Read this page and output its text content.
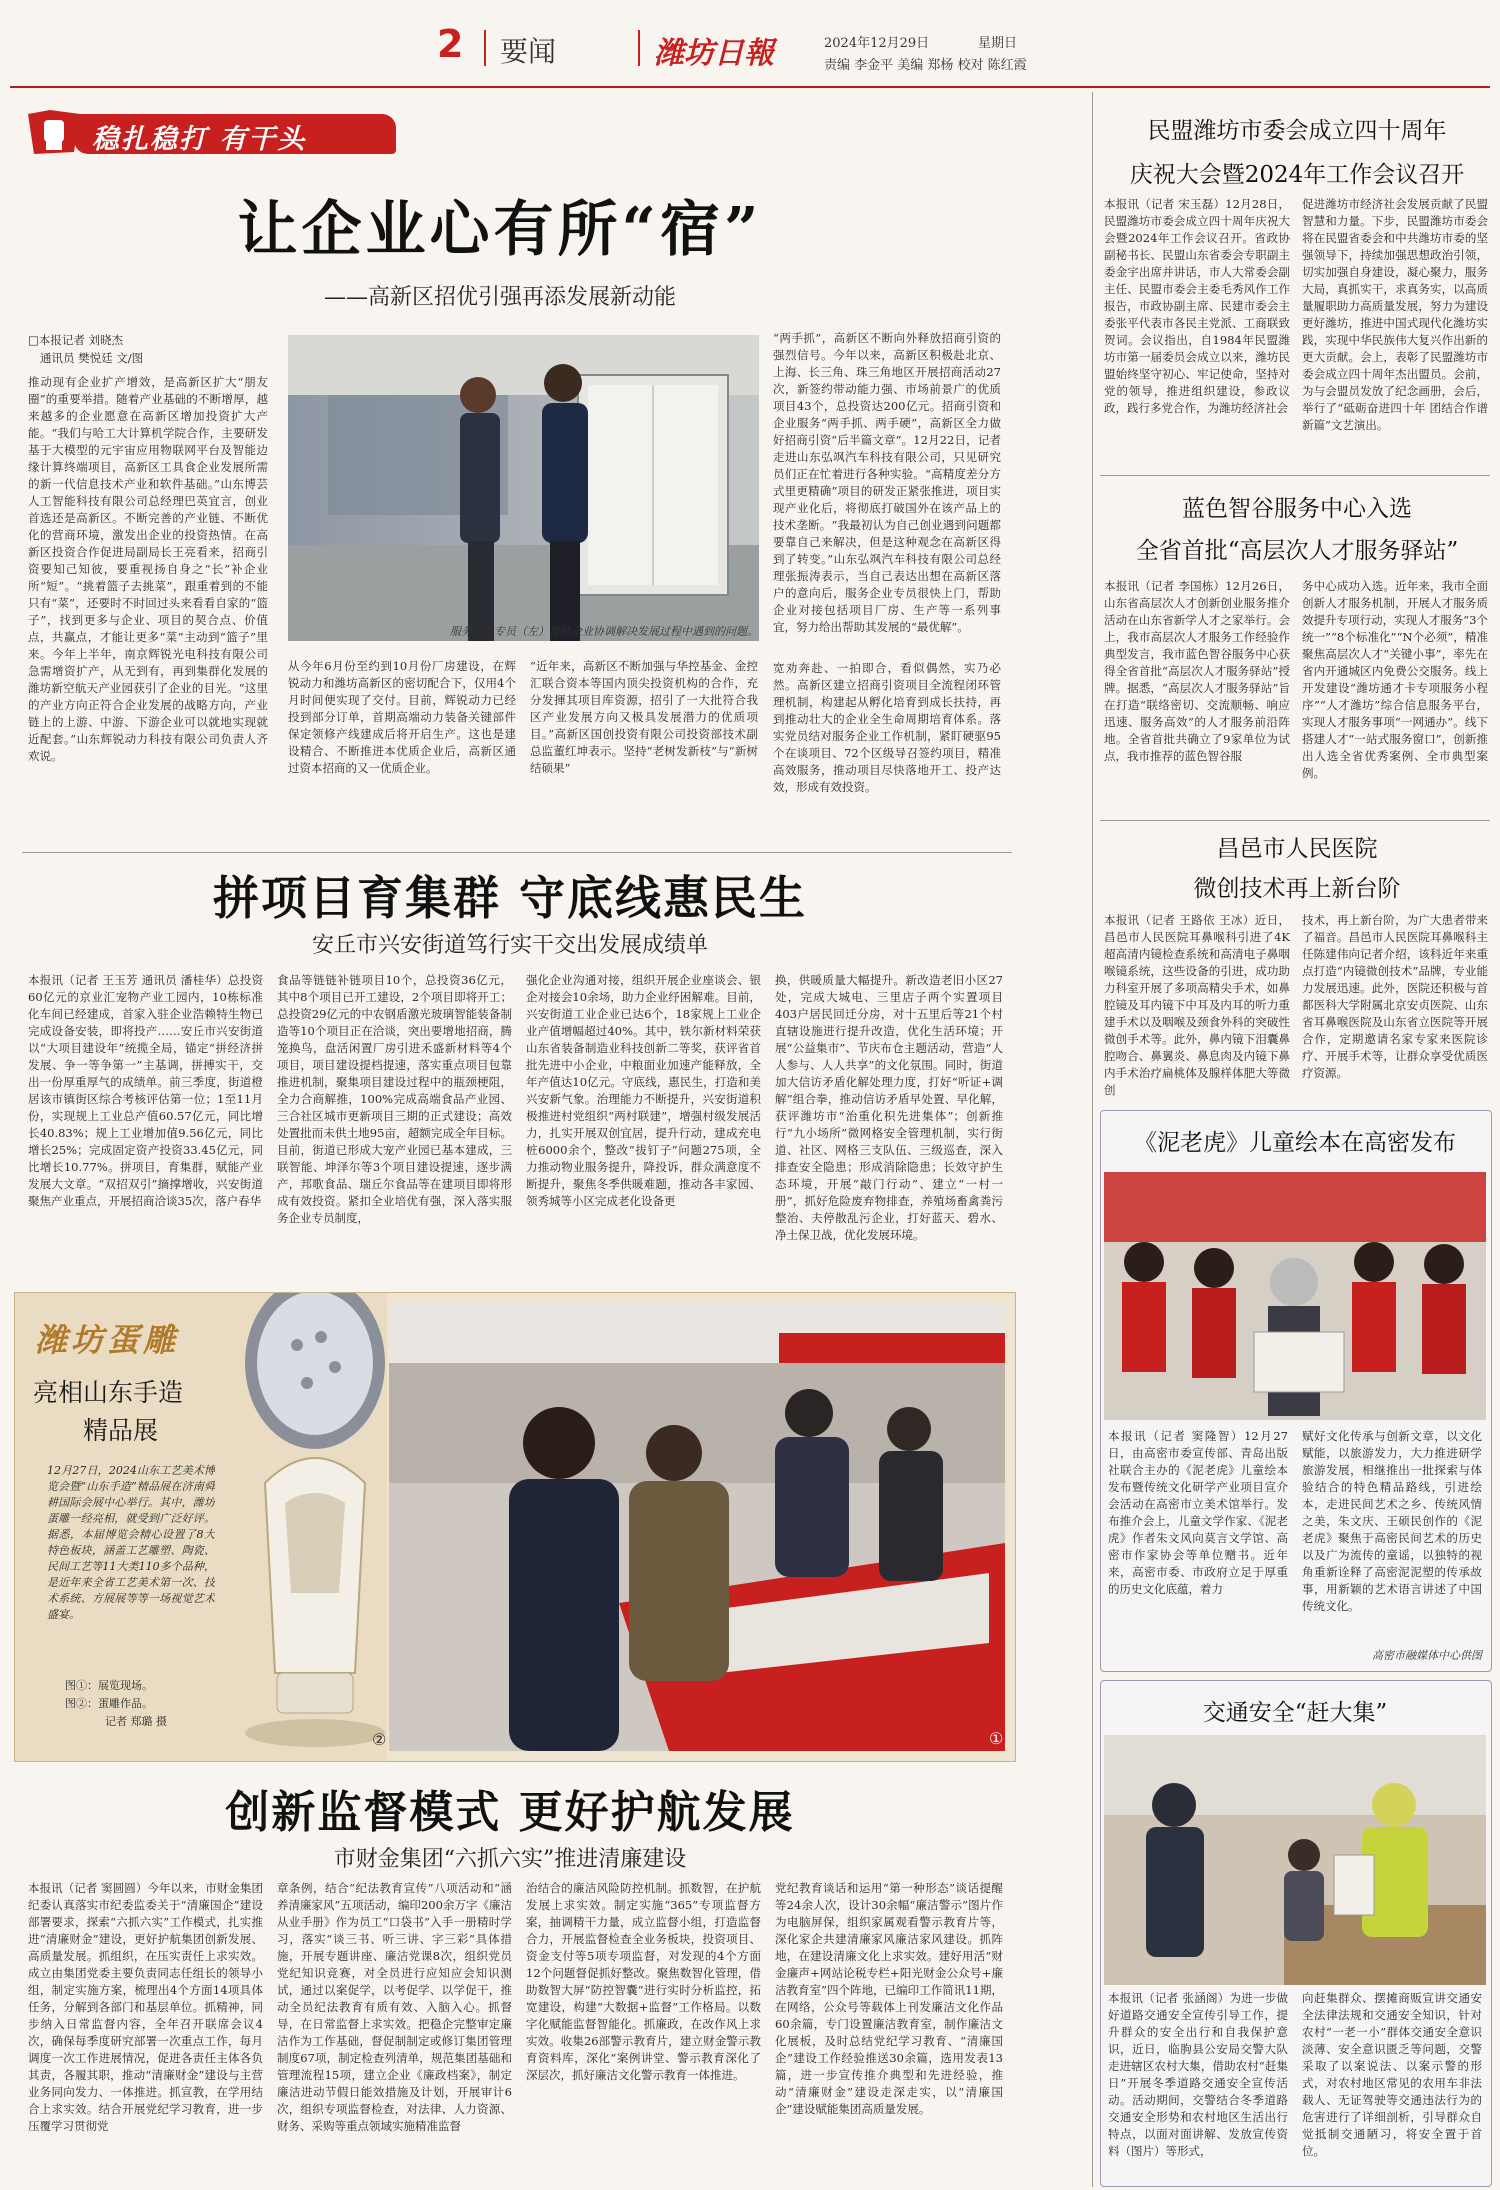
2 要闻	潍坊日報	2024年12月29日	星期日
责编 李金平 美编 郑杨 校对 陈红霞
稳扎稳打 有干头
让企业心有所“宿”
——高新区招优引强再添发展新动能
□本报记者 刘晓杰
通讯员 樊悦廷 文/图
推动现有企业扩产增效，是高新区扩大“朋友圈”的重要举措。随着产业基础的不断增厚，越来越多的企业愿意在高新区增加投资扩大产能。“我们与哈工大计算机学院合作，主要研发基于大模型的元宇宙应用物联网平台及智能边缘计算终端项目，高新区工具食企业发展所需的新一代信息技术产业和软件基础。”山东博芸人工智能科技有限公司总经理巴英宜言，创业首选还是高新区。不断完善的产业链、不断优化的营商环境，激发出企业的投资热情。在高新区投资合作促进局副局长王亮看来，招商引资要知己知彼，要重视扬自身之“长”补企业所“短”。“挑着篮子去挑菜”，跟重着到的不能只有“菜”，还要时不时回过头来看看自家的“篮子”，找到更多与企业、项目的契合点、价值点，共赢点，才能让更多“菜”主动到“篮子”里来。今年上半年，南京辉锐光电科技有限公司急需增资扩产，从无到有，再到集群化发展的潍坊新空航天产业园获引了企业的目光。“这里的产业方向正符合企业发展的战略方向，产业链上的上游、中游、下游企业可以就地实现就近配套。”山东辉锐动力科技有限公司负责人齐欢说。
服务企业专员（左）帮助企业协调解决发展过程中遇到的问题。
从今年6月份至约到10月份厂房建设，在辉锐动力和潍坊高新区的密切配合下，仅用4个月时间便实现了交付。目前，辉锐动力已经投到部分订单，首期高端动力装备关键部件保定领修产线建成后将开启生产。这也是建设精合、不断推进本优质企业后，高新区通过资本招商的又一优质企业。
“近年来，高新区不断加强与华控基金、金控汇联合资本等国内顶尖投资机构的合作，充分发揮其项目库资源，招引了一大批符合我区产业发展方向又极具发展潜力的优质项目。”高新区国创投资有限公司投资部技术副总监董红坤表示。坚持“老树发新枝”与“新树结硕果”
“两手抓”，高新区不断向外释放招商引资的强烈信号。今年以来，高新区积极赴北京、上海、长三角、珠三角地区开展招商活动27次，新签约带动能力强、市场前景广的优质项目43个，总投资达200亿元。招商引资和企业服务“两手抓、两手硬”，高新区全力做好招商引资“后半篇文章”。12月22日，记者走进山东弘飒汽车科技有限公司，只见研究员们正在忙着进行各种实验。“高精度差分方式里更精确”项目的研发正紧张推进，项目实现产业化后，将彻底打破国外在该产品上的技术垄断。“我最初认为自己创业遇到问题都要靠自己来解决，但是这种观念在高新区得到了转变。”山东弘飒汽车科技有限公司总经理张振涛表示，当自己表达出想在高新区落户的意向后，服务企业专员很快上门，帮助企业对接包括项目厂房、生产等一系列事宜，努力给出帮助其发展的“最优解”。
宽劝奔赴、一拍即合，看似偶然，实乃必然。高新区建立招商引资项目全流程闭环管理机制，构建起从孵化培育到成长扶持，再到推动壮大的企业全生命周期培育体系。落实党员结对服务企业工作机制，紧盯硬驱95个在谈项目、72个区级导召签约项目，精准高效服务，推动项目尽快落地开工、投产达效，形成有效投资。
拼项目育集群 守底线惠民生
安丘市兴安街道笃行实干交出发展成绩单
本报讯（记者 王玉芳 通讯员 潘桂华）总投资60亿元的京业汇宠物产业工园内，10栋标准化车间已经建成，首家入驻企业浩赖特生物已完成设备安装，即将投产……安丘市兴安街道以“大项目建设年”统揽全局，锚定“拼经济拼发展、争一等争第一”主基调，拼搏实干，交出一份厚重厚气的成绩单。前三季度，街道橙居该市镇街区综合考核评估第一位；1至11月份，实现规上工业总产值60.57亿元，同比增长40.83%；规上工业增加值9.56亿元，同比增长25%；完成固定资产投资33.45亿元，同比增长10.77%。拼项目，育集群，赋能产业发展大文章。“双招双引”摘撑增收，兴安街道聚焦产业重点，开展招商洽谈35次，落户春华
食品等链链补链项目10个，总投资36亿元，其中8个项目已开工建设，2个项目即将开工；总投资29亿元的中农钢盾激光玻璃智能装备制造等10个项目正在洽谈，突出要增地招商，腾笼换鸟，盘活闲置厂房引进禾盛新材料等4个项目，项目建设提档提速，落实重点项目包靠推进机制，聚集项目建设过程中的瓶颈梗阻，全力合商解推，100%完成高端食品产业园、三合社区城市更新项目三期的正式建设；高效处置批而未供土地95亩，超额完成全年目标。目前，街道已形成大宠产业园已基本建成，三联智能、坤泽尔等3个项目建设提速，逐步满产，邦歌食品、瑞丘尔食品等在建项目即将形成有效投资。紧扣全业培优有强，深入落实服务企业专员制度，
强化企业沟通对接，组织开展企业座谈会、银企对接会10余场，助力企业纾困解难。目前，兴安街道工业企业已达6个，18家规上工业企业产值增幅超过40%。其中，铁尔新材料荣获山东省装备制造业科技创新二等奖，获评省首批先进中小企业，中粮面业加速产能释放，全年产值达10亿元。守底线，惠民生，打造和美兴安新气象。治理能力不断提升，兴安街道积极推进村党组织“两村联建”，增强村级发展活力，扎实开展双创宜居，提升行动，建成充电桩6000余个，整改“拔钉子”问题275项，全力推动物业服务提升，降投诉，群众满意度不断提升，聚焦冬季供暖难题，推动各丰家园、领秀城等小区完成老化设备更
换，供暖质量大幅提升。新改造老旧小区27处，完成大城电、三里店子两个实置项目403户居民回迁分房，对十五里后等21个村直辖设施进行提升改造，优化生活环境；开展“公益集市”、节庆布仓主题活动，营造“人人参与、人人共享”的文化氛围。同时，街道加大信访矛盾化解处理力度，打好“听证+调解”组合拳，推动信访矛盾早处置、早化解，获评潍坊市“治重化积先进集体”；创新推行“九小场所”微网格安全管理机制，实行街道、社区、网格三支队伍、三级巡查，深入排查安全隐患；形成消除隐患；长效守护生态环境，开展“敲门行动”、建立“一村一册”，抓好危险废弃物排查，养殖场畜禽粪污整治、夫停散乱污企业，打好蓝天、碧水、净土保卫战，优化发展环境。
潍坊蛋雕
亮相山东手造
精品展
12月27日，2024山东工艺美术博览会暨“山东手造”精品展在济南舜耕国际会展中心举行。其中，潍坊蛋雕一经亮相，就受到广泛好评。据悉，本届博览会精心设置了8大特色板块，涵盖工艺雕塑、陶瓷、民间工艺等11大类110多个品种，是近年来全省工艺美术第一次、技术系统、方展展等等一场视觉艺术盛宴。
图①：展览现场。
图②：蛋雕作品。
记者 郑璐 摄
②	①
创新监督模式 更好护航发展
市财金集团“六抓六实”推进清廉建设
本报讯（记者 窦圆圆）今年以来，市财金集团纪委认真落实市纪委监委关于“清廉国企”建设部署要求，探索“六抓六实”工作模式，扎实推进“清廉财金”建设，更好护航集团创新发展、高质量发展。抓组织，在压实责任上求实效。成立由集团党委主要负责同志任组长的领导小组，制定实施方案，梳理出4个方面14项具体任务，分解到各部门和基层单位。抓精神，同步纳入日常监督内容，全年召开联席会议4次，确保每季度研究部署一次重点工作，每月调度一次工作进展情况，促进各责任主体各负其责，各履其职，推动“清廉财金”建设与主营业务同向发力、一体推进。抓宣教，在学用结合上求实效。结合开展党纪学习教育，进一步压覆学习贯彻党
章条例，结合“纪法教育宣传”八项活动和“涵养清廉家风”五项活动，编印200余万字《廉洁从业手册》作为员工“口袋书”入手一册精时学习，落实“谈三书、听三讲、字三彩”具体措施，开展专题讲座、廉洁党课8次，组织党员党纪知识竞赛，对全员进行应知应会知识测试，通过以案促学，以考促学、以学促干，推动全员纪法教育有质有效、入脑入心。抓督导，在日常监督上求实效。把稳企完整审定廉洁作为工作基础，督促制制定或修订集团管理制度67项，制定检查列清单，规范集团基础和管理流程15项，建立企业《廉政档案》，制定廉洁进动节假日能效措施及计划，开展审计6次，组织专项监督检查，对法律、人力资源、财务、采购等重点领域实施精准监督
治结合的廉洁风险防控机制。抓数智，在护航发展上求实效。制定实施“365”专项监督方案，抽调精干力量，成立监督小组，打造监督合力，开展监督检查全业务板块，投资项目、资金支付等5项专项监督，对发现的4个方面12个问题督促抓好整改。聚焦数智化管理，借助数智大屏“防控智囊”进行实时分析监控，拓宽建设，构建“大数据+监督”工作格局。以数字化赋能监督智能化。抓廉政，在改作风上求实效。收集26部警示教育片，建立财金警示教育资料库，深化“案例讲堂、警示教育深化了深层次，抓好廉洁文化警示教育一体推进。
党纪教育谈话和运用“第一种形态”谈话提醒等24余人次，设计30余幅“廉洁警示”图片作为电脑屏保，组织家属观看警示教育片等，深化家企共建清廉家风廉洁家风建设。抓阵地，在建设清廉文化上求实效。建好用活“财金廉声+网站论税专栏+阳光财金公众号+廉洁教育室”四个阵地，已编印工作简讯11期，在网络，公众号等载体上刊发廉洁文化作品60余篇，专门设置廉洁教育室，制作廉洁文化展板，及时总结党纪学习教育、“清廉国企”建设工作经验推送30余篇，选用发表13篇，进一步宣传推介典型和先进经验，推动“清廉财金”建设走深走实，以“清廉国企”建设赋能集团高质量发展。
民盟潍坊市委会成立四十周年
庆祝大会暨2024年工作会议召开
本报讯（记者 宋玉磊）12月28日，民盟潍坊市委会成立四十周年庆祝大会暨2024年工作会议召开。省政协副秘书长、民盟山东省委会专职副主委金宇出席并讲话，市人大常委会副主任、民盟市委会主委毛秀风作工作报告，市政协副主席、民建市委会主委张平代表市各民主党派、工商联致贺词。会议指出，自1984年民盟潍坊市第一届委员会成立以来，潍坊民盟始终坚守初心、牢记使命，坚持对党的领导，推进组织建设，参政议政，践行多党合作，为潍坊经济社会
促进潍坊市经济社会发展贡献了民盟智慧和力量。下步，民盟潍坊市委会将在民盟省委会和中共潍坊市委的坚强领导下，持续加强思想政治引领，切实加强自身建设，凝心聚力，服务大局，真抓实干，求真务实，以高质量履职助力高质量发展，努力为建设更好潍坊，推进中国式现代化潍坊实践，实现中华民族伟大复兴作出新的更大贡献。会上，表彰了民盟潍坊市委会成立四十周年杰出盟员。会前，为与会盟员发放了纪念画册，会后，举行了“砥砺奋进四十年 团结合作谱新篇”文艺演出。
蓝色智谷服务中心入选
全省首批“高层次人才服务驿站”
本报讯（记者 李国栋）12月26日，山东省高层次人才创新创业服务推介活动在山东省新学人才之家举行。会上，我市高层次人才服务工作经验作典型发言，我市蓝色智谷服务中心获得全省首批“高层次人才服务驿站”授牌。据悉，“高层次人才服务驿站”旨在打造“联络密切、交流顺畅、响应迅速、服务高效”的人才服务前沿阵地。全省首批共确立了9家单位为试点，我市推荐的蓝色智谷服
务中心成功入选。近年来，我市全面创新人才服务机制，开展人才服务质效提升专项行动，实现人才服务“3个统一”“8个标准化”“N个必须”，精准聚焦高层次人才“关键小事”，率先在省内开通城区内免费公交服务。线上开发建设“潍坊通才卡专项服务小程序”“人才潍坊”综合信息服务平台，实现人才服务事项“一网通办”。线下搭建人才“一站式服务窗口”，创新推出人选全省优秀案例、全市典型案例。
昌邑市人民医院
微创技术再上新台阶
本报讯（记者 王路依 王冰）近日，昌邑市人民医院耳鼻喉科引进了4K超高清内镜检查系统和高清电子鼻咽喉镜系统，这些设备的引进，成功助力科室开展了多项高精尖手术，如鼻腔镜及耳内镜下中耳及内耳的听力重建手术以及咽喉及颈食外科的突破性微创手术等。此外，鼻内镜下泪囊鼻腔吻合、鼻翼炎、鼻息肉及内镜下鼻内手术治疗扁桃体及腺样体肥大等微创
技术，再上新台阶，为广大患者带来了福音。昌邑市人民医院耳鼻喉科主任陈建伟向记者介绍，该科近年来重点打造“内镜微创技术”品牌，专业能力发展迅速。此外，医院还积极与首都医科大学附属北京安贞医院、山东省耳鼻喉医院及山东省立医院等开展合作，定期邀请名家专家来医院诊疗、开展手术等，让群众享受优质医疗资源。
《泥老虎》儿童绘本在高密发布
本报讯（记者 窦隆智）12月27日，由高密市委宣传部、青岛出版社联合主办的《泥老虎》儿童绘本发布暨传统文化研学产业项目宣介会活动在高密市立美术馆举行。发布推介会上，儿童文学作家、《泥老虎》作者朱文风向莫言文学馆、高密市作家协会等单位赠书。近年来，高密市委、市政府立足于厚重的历史文化底蕴，着力
赋好文化传承与创新文章，以文化赋能，以旅游发力，大力推进研学旅游发展，相继推出一批探索与体验结合的特色精品路线，引进绘本，走进民间艺术之乡、传统风情之美，朱文庆、王硕民创作的《泥老虎》聚焦于高密民间艺术的历史以及广为流传的童谣，以独特的视角重新诠释了高密泥泥塑的传承故事，用新颖的艺术语言讲述了中国传统文化。
高密市融媒体中心供图
交通安全“赶大集”
本报讯（记者 张涵阁）为进一步做好道路交通安全宣传引导工作，提升群众的安全出行和自我保护意识，近日，临朐县公安局交警大队走进辖区农村大集，借助农村“赶集日”开展冬季道路交通安全宣传活动。活动期间，交警结合冬季道路交通安全形势和农村地区生活出行特点，以面对面讲解、发放宣传资料（图片）等形式，
向赶集群众、摆摊商贩宣讲交通安全法律法规和交通安全知识，针对农村“一老一小”群体交通安全意识淡薄、安全意识匮乏等问题，交警采取了以案说法、以案示警的形式，对农村地区常见的农用车非法载人、无证驾驶等交通违法行为的危害进行了详细剖析，引导群众自觉抵制交通陋习，将安全置于首位。
